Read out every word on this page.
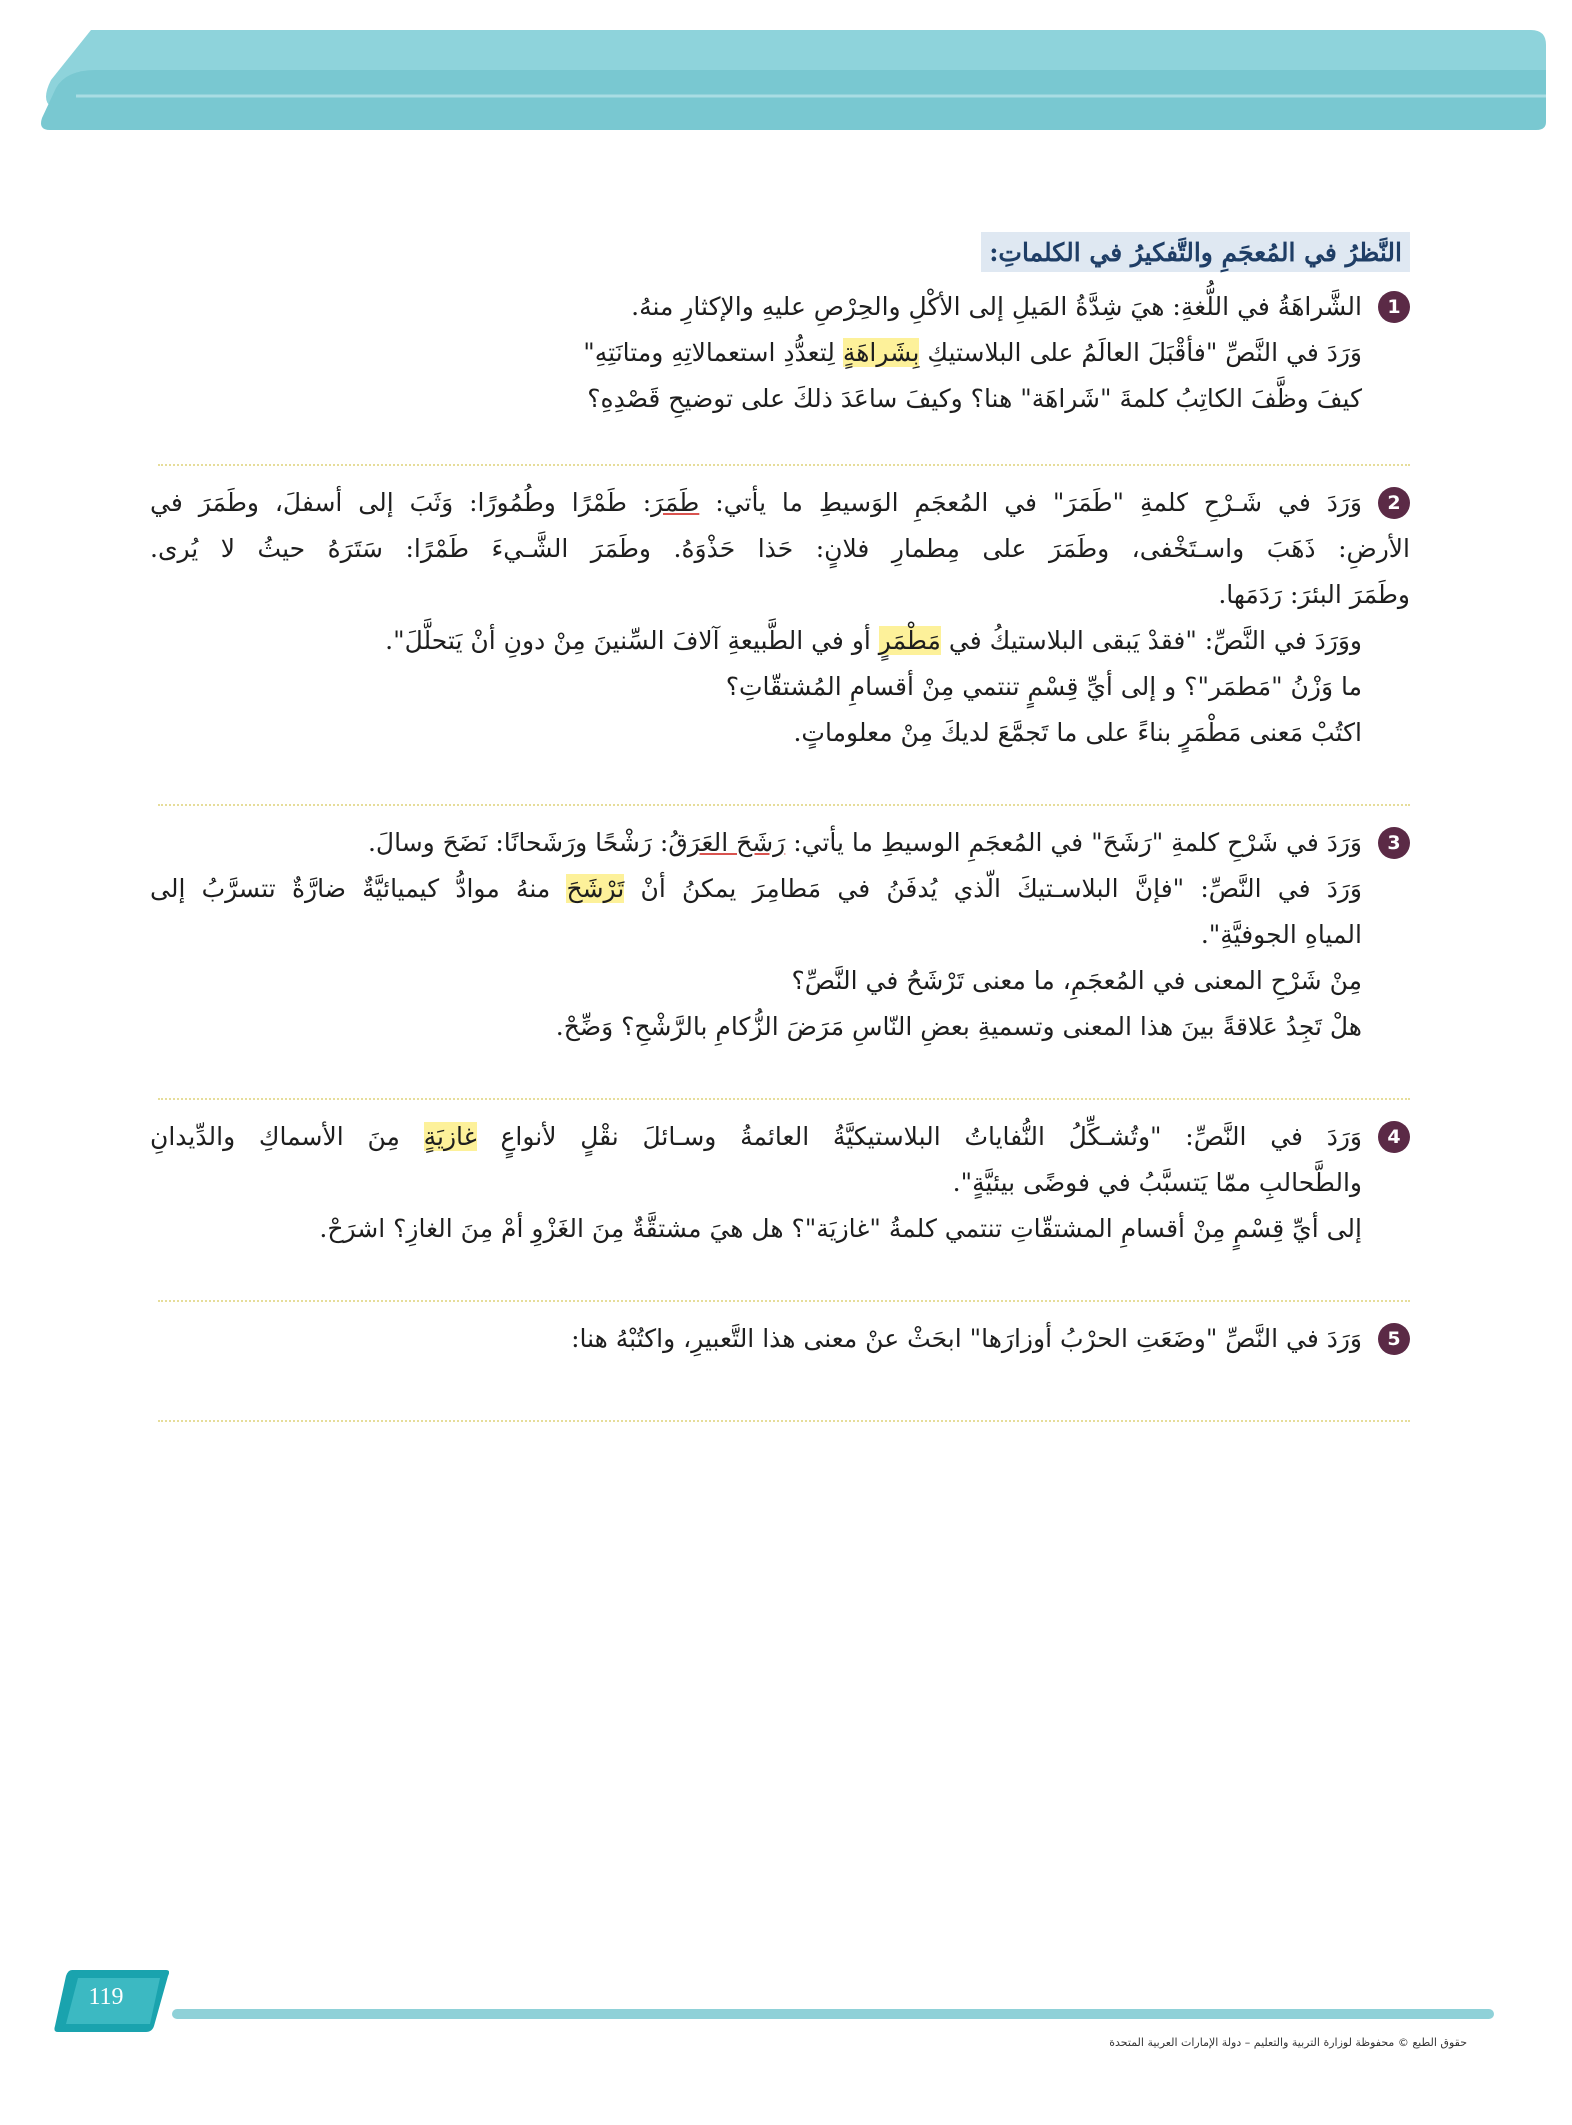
النَّظرُ في المُعجَمِ والتَّفكيرُ في الكلماتِ:
1
الشَّراهَةُ في اللُّغةِ: هيَ شِدَّةُ المَيلِ إلى الأكْلِ والحِرْصِ عليهِ والإكثارِ منهُ.
وَرَدَ في النَّصِّ "فأقْبَلَ العالَمُ على البلاستيكِ بِشَراهَةٍ لِتعدُّدِ استعمالاتِهِ ومتانَتِهِ"
كيفَ وظَّفَ الكاتِبُ كلمةَ "شَراهَة" هنا؟ وكيفَ ساعَدَ ذلكَ على توضيحِ قَصْدِهِ؟
2
وَرَدَ في شَـرْحِ كلمةِ "طَمَرَ" في المُعجَمِ الوَسيطِ ما يأتي: طَمَرَ: طَمْرًا وطُمُورًا: وَثَبَ إلى أسفلَ، وطَمَرَ في
الأرضِ: ذَهَبَ واسـتَخْفى، وطَمَرَ على مِطمارِ فلانٍ: حَذا حَذْوَهُ. وطَمَرَ الشَّـيءَ طَمْرًا: سَتَرَهُ حيثُ لا يُرى.
وطَمَرَ البئرَ: رَدَمَها.
ووَرَدَ في النَّصِّ: "فقدْ يَبقى البلاستيكُ في مَطْمَرٍ أو في الطَّبيعةِ آلافَ السِّنينَ مِنْ دونِ أنْ يَتحلَّلَ".
ما وَزْنُ "مَطمَر"؟ و إلى أيِّ قِسْمٍ تنتمي مِنْ أقسامِ المُشتقّاتِ؟
اكتُبْ مَعنى مَطْمَرٍ بناءً على ما تَجمَّعَ لديكَ مِنْ معلوماتٍ.
3
وَرَدَ في شَرْحِ كلمةِ "رَشَحَ" في المُعجَمِ الوسيطِ ما يأتي: رَشَحَ العَرَقُ: رَشْحًا ورَشَحانًا: نَضَحَ وسالَ.
وَرَدَ في النَّصِّ: "فإنَّ البلاسـتيكَ الّذي يُدفَنُ في مَطامِرَ يمكنُ أنْ تَرْشَحَ منهُ موادُّ كيميائيَّةٌ ضارَّةٌ تتسرَّبُ إلى
المياهِ الجوفيَّةِ".
مِنْ شَرْحِ المعنى في المُعجَمِ، ما معنى تَرْشَحُ في النَّصِّ؟
هلْ تَجِدُ عَلاقةً بينَ هذا المعنى وتسميةِ بعضِ النّاسِ مَرَضَ الزُّكامِ بالرَّشْحِ؟ وَضِّحْ.
4
وَرَدَ في النَّصِّ: "وتُشـكِّلُ النُّفاياتُ البلاستيكيَّةُ العائمةُ وسـائلَ نقْلٍ لأنواعٍ غازيَةٍ مِنَ الأسماكِ والدِّيدانِ
والطَّحالبِ ممّا يَتسبَّبُ في فوضًى بيئيَّةٍ".
إلى أيِّ قِسْمٍ مِنْ أقسامِ المشتقّاتِ تنتمي كلمةُ "غازيَة"؟ هل هيَ مشتقَّةٌ مِنَ الغَزْوِ أمْ مِنَ الغازِ؟ اشرَحْ.
5
وَرَدَ في النَّصِّ "وضَعَتِ الحرْبُ أوزارَها" ابحَثْ عنْ معنى هذا التَّعبيرِ، واكتُبْهُ هنا:
119
حقوق الطبع © محفوظة لوزارة التربية والتعليم – دولة الإمارات العربية المتحدة
